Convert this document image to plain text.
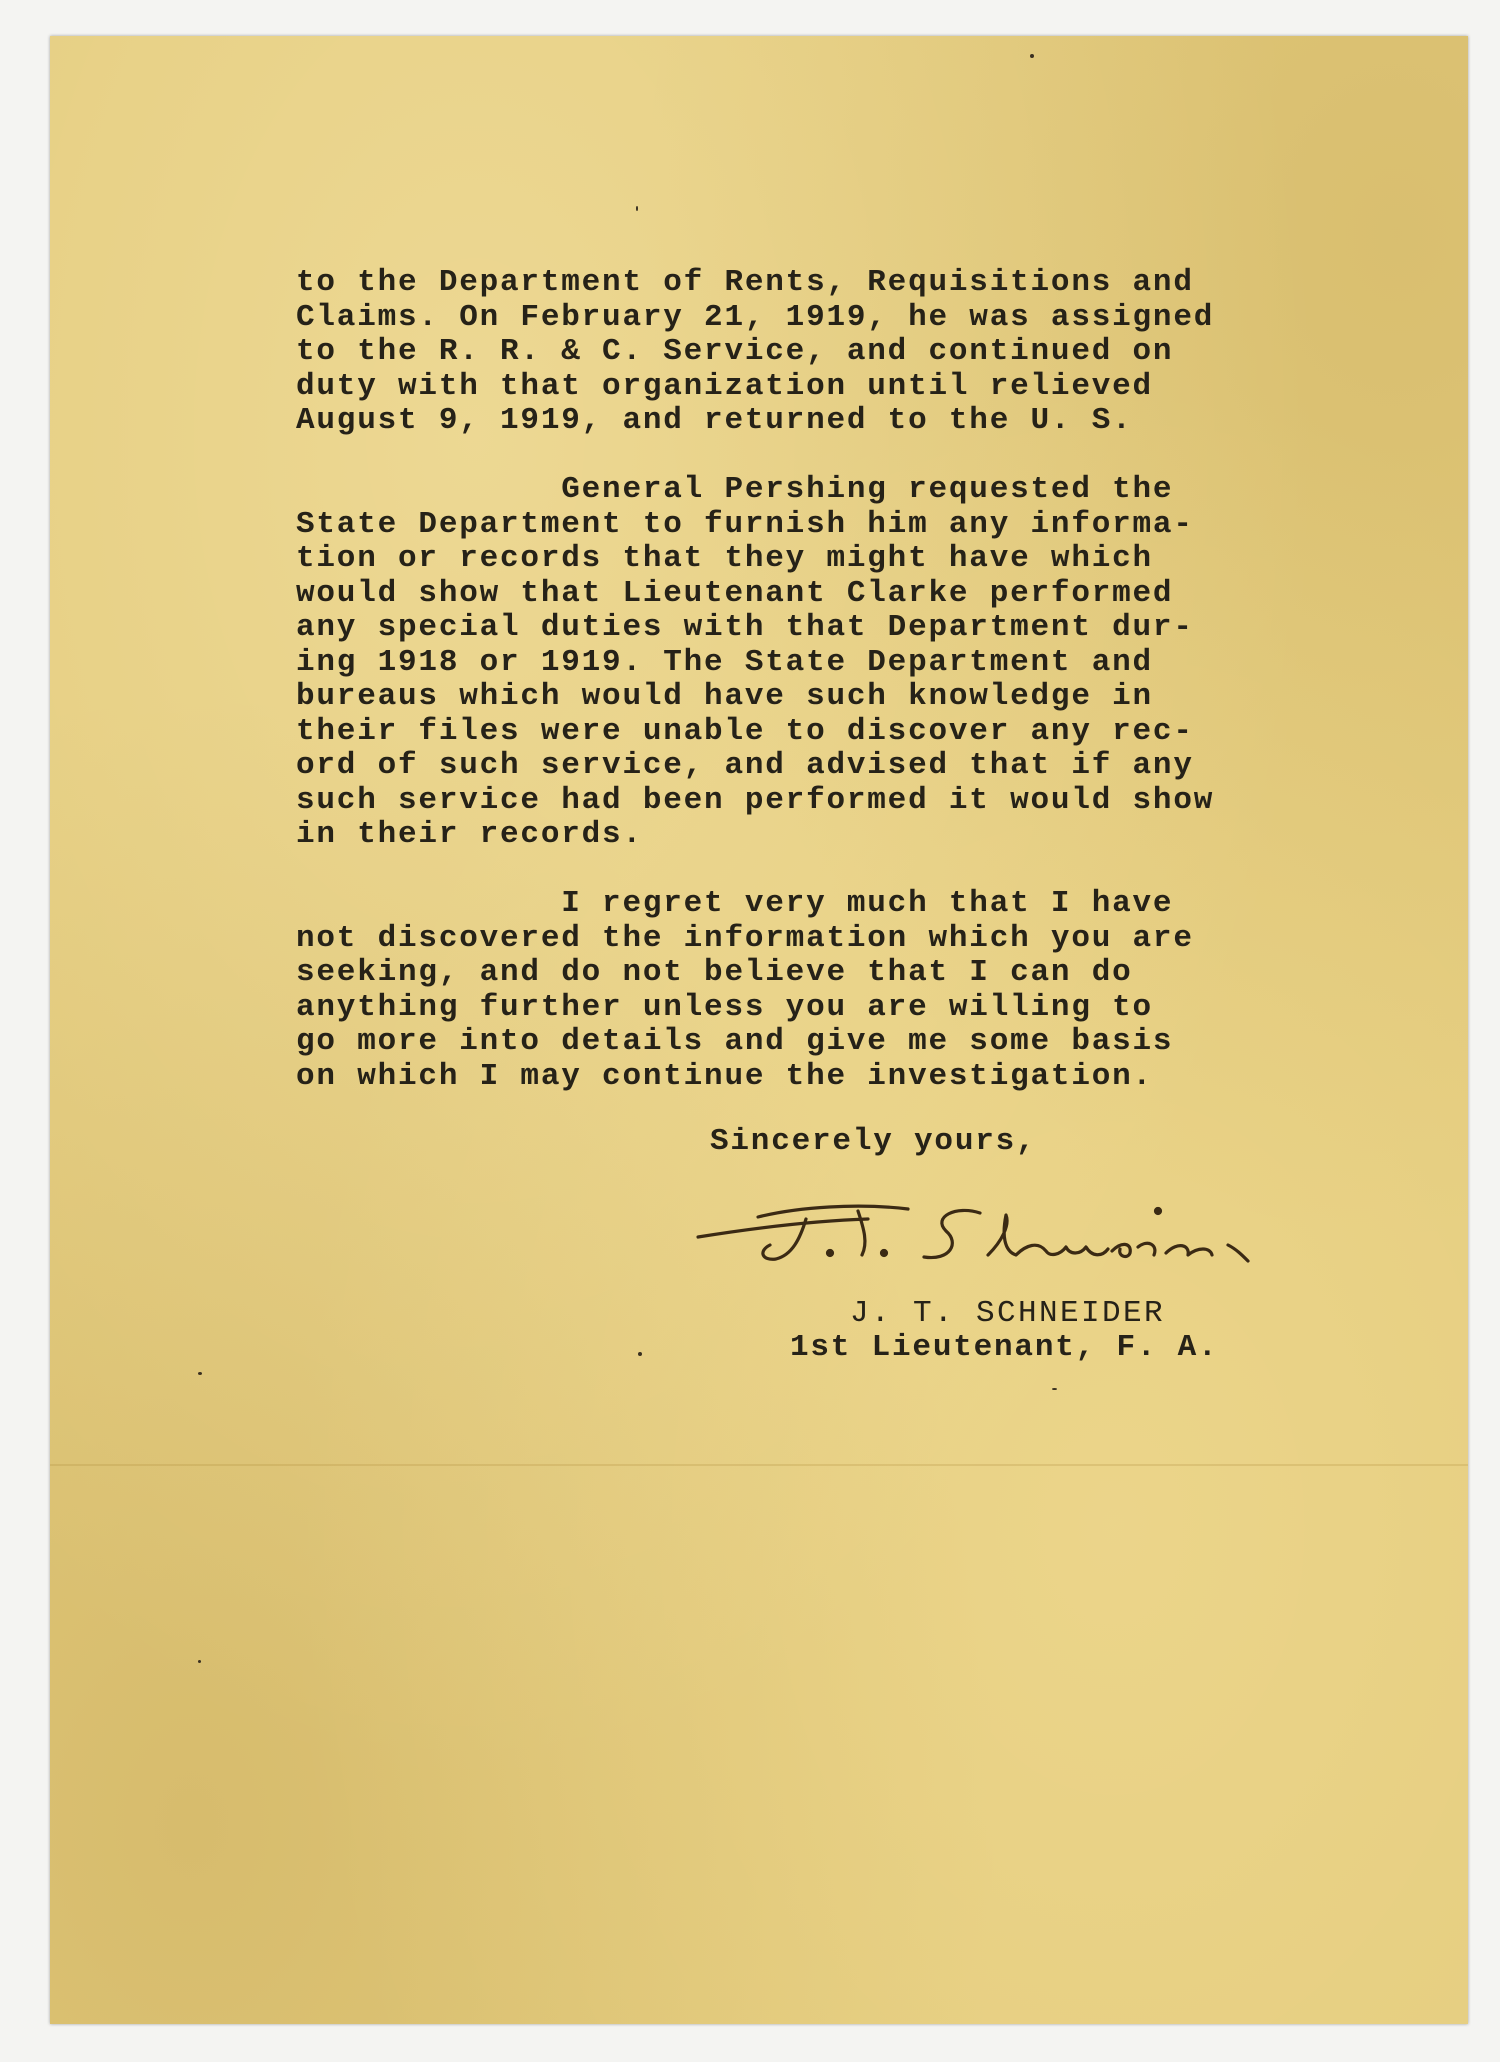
to the Department of Rents, Requisitions and
Claims. On February 21, 1919, he was assigned
to the R. R. & C. Service, and continued on
duty with that organization until relieved
August 9, 1919, and returned to the U. S.
General Pershing requested the
State Department to furnish him any informa-
tion or records that they might have which
would show that Lieutenant Clarke performed
any special duties with that Department dur-
ing 1918 or 1919. The State Department and
bureaus which would have such knowledge in
their files were unable to discover any rec-
ord of such service, and advised that if any
such service had been performed it would show
in their records.
I regret very much that I have
not discovered the information which you are
seeking, and do not believe that I can do
anything further unless you are willing to
go more into details and give me some basis
on which I may continue the investigation.
Sincerely yours,
J. T. SCHNEIDER
1st Lieutenant, F. A.
